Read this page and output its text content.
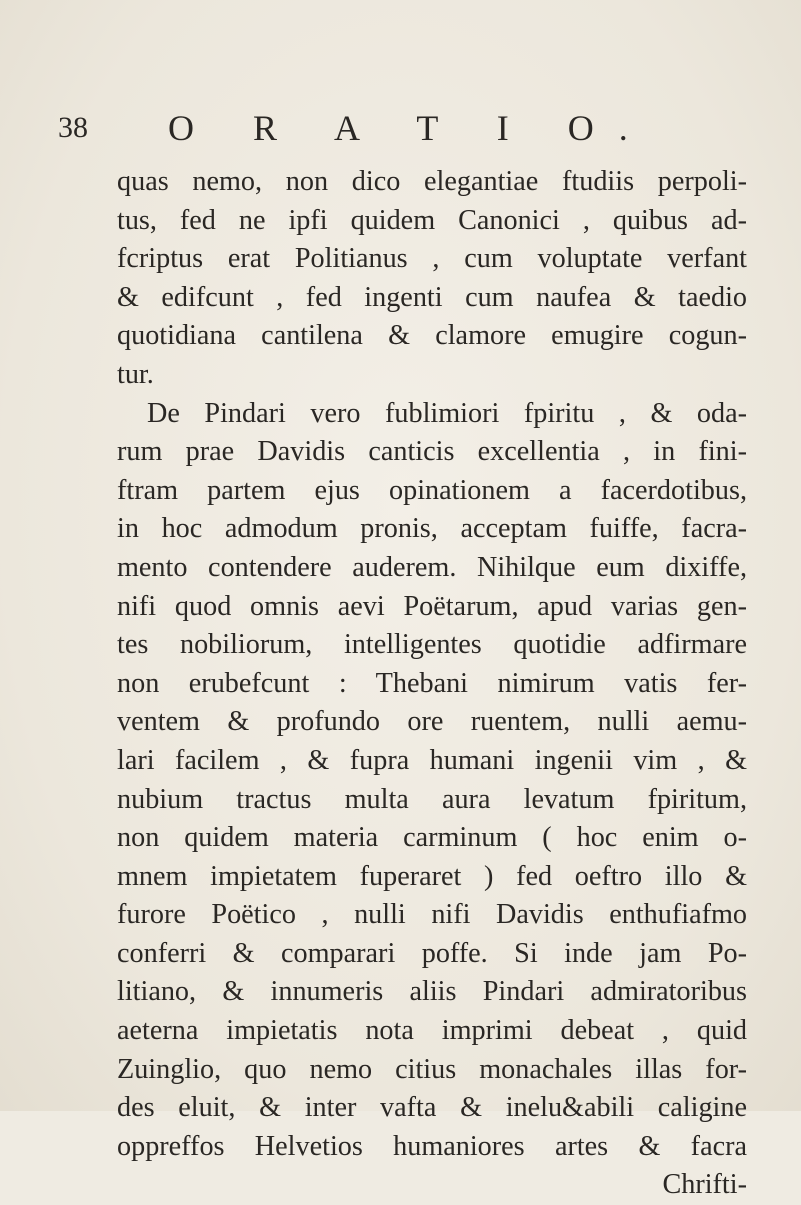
38 O R A T I O.
quas nemo, non dico elegantiae ftudiis perpoli-
tus, fed ne ipfi quidem Canonici , quibus ad-
fcriptus erat Politianus , cum voluptate verfant
& edifcunt , fed ingenti cum naufea & taedio
quotidiana cantilena & clamore emugire cogun-
tur.
De Pindari vero fublimiori fpiritu , & oda-
rum prae Davidis canticis excellentia , in fini-
ftram partem ejus opinationem a facerdotibus,
in hoc admodum pronis, acceptam fuiffe, facra-
mento contendere auderem. Nihilque eum dixiffe,
nifi quod omnis aevi Poëtarum, apud varias gen-
tes nobiliorum, intelligentes quotidie adfirmare
non erubefcunt : Thebani nimirum vatis fer-
ventem & profundo ore ruentem, nulli aemu-
lari facilem , & fupra humani ingenii vim , &
nubium tractus multa aura levatum fpiritum,
non quidem materia carminum ( hoc enim o-
mnem impietatem fuperaret ) fed oeftro illo &
furore Poëtico , nulli nifi Davidis enthufiafmo
conferri & comparari poffe. Si inde jam Po-
litiano, & innumeris aliis Pindari admiratoribus
aeterna impietatis nota imprimi debeat , quid
Zuinglio, quo nemo citius monachales illas for-
des eluit, & inter vafta & inelu&abili caligine
oppreffos Helvetios humaniores artes & facra
Chrifti-
